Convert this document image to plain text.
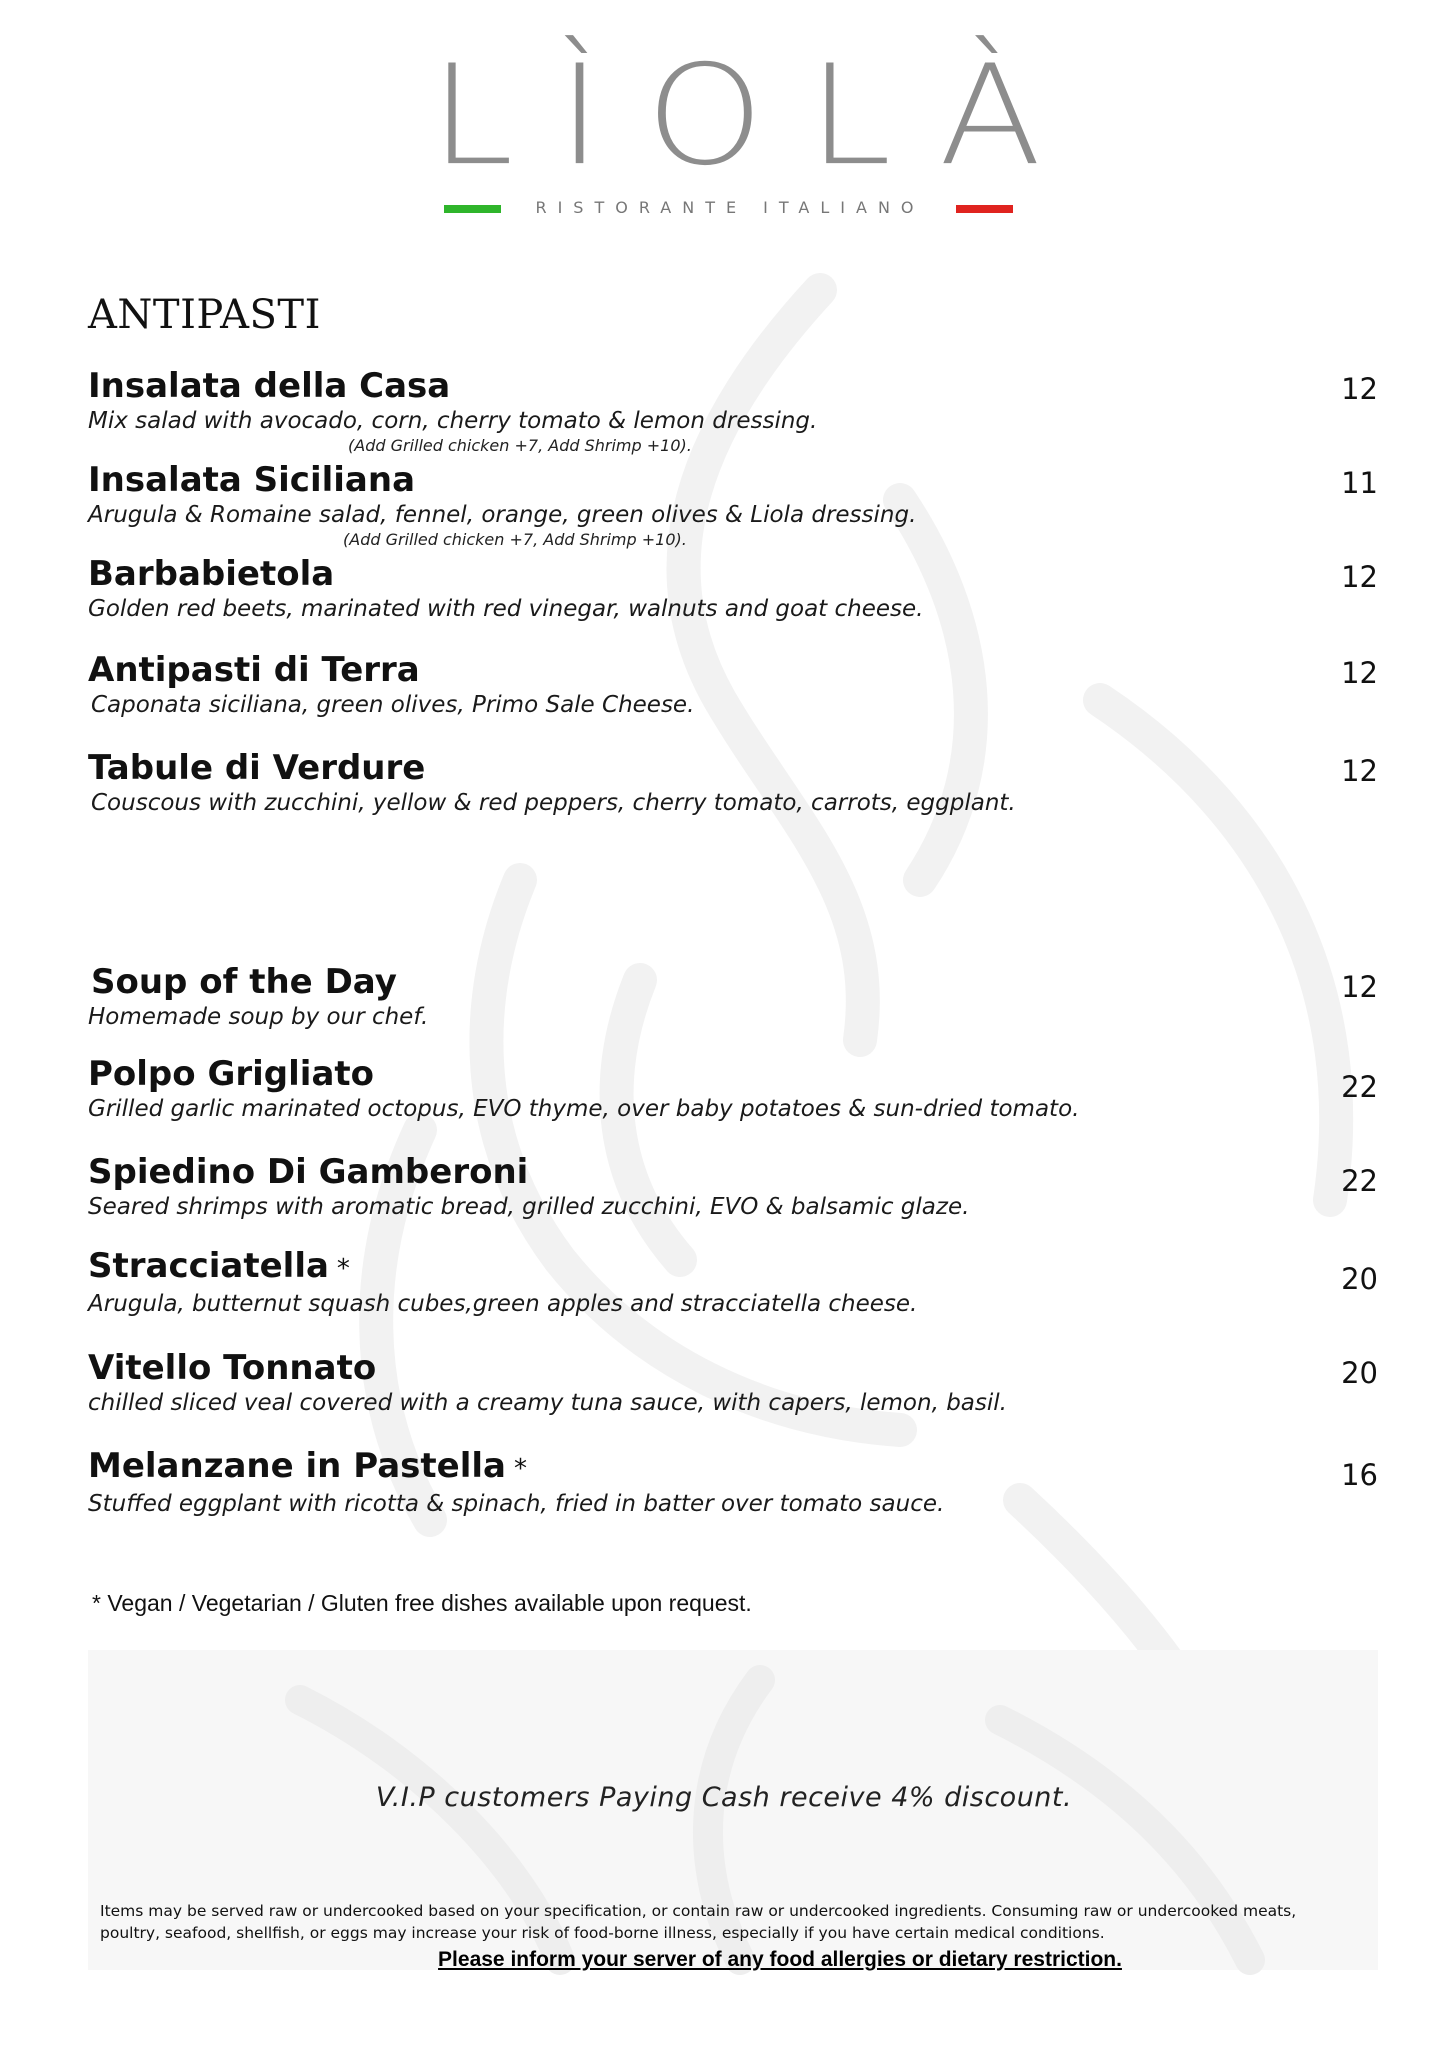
LÌOLÀ
RISTORANTE ITALIANO
ANTIPASTI
Insalata della Casa
Mix salad with avocado, corn, cherry tomato & lemon dressing.
(Add Grilled chicken +7, Add Shrimp +10).
12
Insalata Siciliana
Arugula & Romaine salad, fennel, orange, green olives & Liola dressing.
(Add Grilled chicken +7, Add Shrimp +10).
11
Barbabietola
Golden red beets, marinated with red vinegar, walnuts and goat cheese.
12
Antipasti di Terra
Caponata siciliana, green olives, Primo Sale Cheese.
12
Tabule di Verdure
Couscous with zucchini, yellow & red peppers, cherry tomato, carrots, eggplant.
12
Soup of the Day
Homemade soup by our chef.
12
Polpo Grigliato
Grilled garlic marinated octopus, EVO thyme, over baby potatoes & sun-dried tomato.
22
Spiedino Di Gamberoni
Seared shrimps with aromatic bread, grilled zucchini, EVO & balsamic glaze.
22
Stracciatella *
Arugula, butternut squash cubes,green apples and stracciatella cheese.
20
Vitello Tonnato
chilled sliced veal covered with a creamy tuna sauce, with capers, lemon, basil.
20
Melanzane in Pastella *
Stuffed eggplant with ricotta & spinach, fried in batter over tomato sauce.
16
* Vegan / Vegetarian / Gluten free dishes available upon request.
V.I.P customers Paying Cash receive 4% discount.
Items may be served raw or undercooked based on your specification, or contain raw or undercooked ingredients. Consuming raw or undercooked meats, poultry, seafood, shellfish, or eggs may increase your risk of food-borne illness, especially if you have certain medical conditions.
Please inform your server of any food allergies or dietary restriction.
